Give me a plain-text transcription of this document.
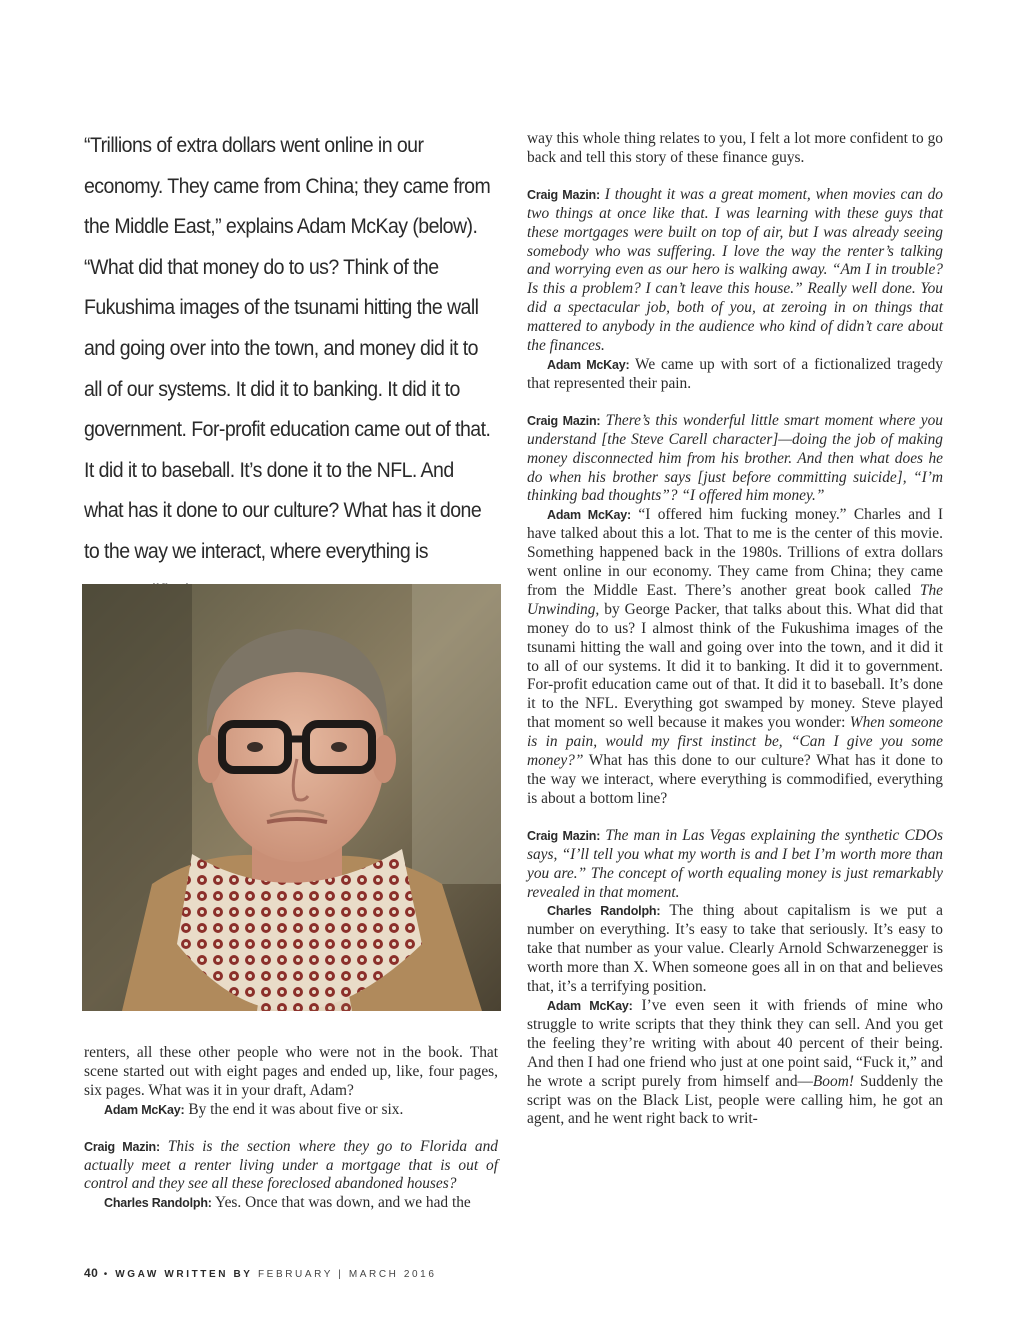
“Trillions of extra dollars went online in our economy. They came from China; they came from the Middle East,” explains Adam McKay (below). “What did that money do to us? Think of the Fukushima images of the tsunami hitting the wall and going over into the town, and money did it to all of our systems. It did it to banking. It did it to government. For-profit education came out of that. It did it to baseball. It’s done it to the NFL. And what has it done to our culture? What has it done to the way we interact, where everything is

renters, all these other people who were not in the book. That scene started out with eight pages and ended up, like, four pages, six pages. What was it in your draft, Adam?

Adam McKay: By the end it was about five or six.

Craig Mazin: This is the section where they go to Florida and actually meet a renter living under a mortgage that is out of control and they see all these foreclosed abandoned houses?

Charles Randolph: Yes. Once that was down, and we had the

way this whole thing relates to you, I felt a lot more confident to go back and tell this story of these finance guys.

Craig Mazin: I thought it was a great moment, when movies can do two things at once like that. I was learning with these guys that these mortgages were built on top of air, but I was already seeing somebody who was suffering. I love the way the renter’s talking and worrying even as our hero is walking away. “Am I in trouble? Is this a problem? I can’t leave this house.” Really well done. You did a spectacular job, both of you, at zeroing in on things that mattered to anybody in the audience who kind of didn’t care about the finances.

Adam McKay: We came up with sort of a fictionalized tragedy that represented their pain.

Craig Mazin: There’s this wonderful little smart moment where you understand [the Steve Carell character]—doing the job of making money disconnected him from his brother. And then what does he do when his brother says [just before committing suicide], “I’m thinking bad thoughts”? “I offered him money.”

Adam McKay: “I offered him fucking money.” Charles and I have talked about this a lot. That to me is the center of this movie. Something happened back in the 1980s. Trillions of extra dollars went online in our economy. They came from China; they came from the Middle East. There’s another great book called The Unwinding, by George Packer, that talks about this. What did that money do to us? I almost think of the Fukushima images of the tsunami hitting the wall and going over into the town, and it did it to all of our systems. It did it to banking. It did it to government. For-profit education came out of that. It did it to baseball. It’s done it to the NFL. Everything got swamped by money. Steve played that moment so well because it makes you wonder: When someone is in pain, would my first instinct be, “Can I give you some money?” What has this done to our culture? What has it done to the way we interact, where everything is commodified, everything is about a bottom line?

Craig Mazin: The man in Las Vegas explaining the synthetic CDOs says, “I’ll tell you what my worth is and I bet I’m worth more than you are.” The concept of worth equaling money is just remarkably revealed in that moment.

Charles Randolph: The thing about capitalism is we put a number on everything. It’s easy to take that seriously. It’s easy to take that number as your value. Clearly Arnold Schwarzenegger is worth more than X. When someone goes all in on that and believes that, it’s a terrifying position.

Adam McKay: I’ve even seen it with friends of mine who struggle to write scripts that they think they can sell. And you get the feeling they’re writing with about 40 percent of their being. And then I had one friend who just at one point said, “Fuck it,” and he wrote a script purely from himself and—Boom! Suddenly the script was on the Black List, people were calling him, he got an agent, and he went right back to writ-

40 • WGAW WRITTEN BY FEBRUARY | MARCH 2016
